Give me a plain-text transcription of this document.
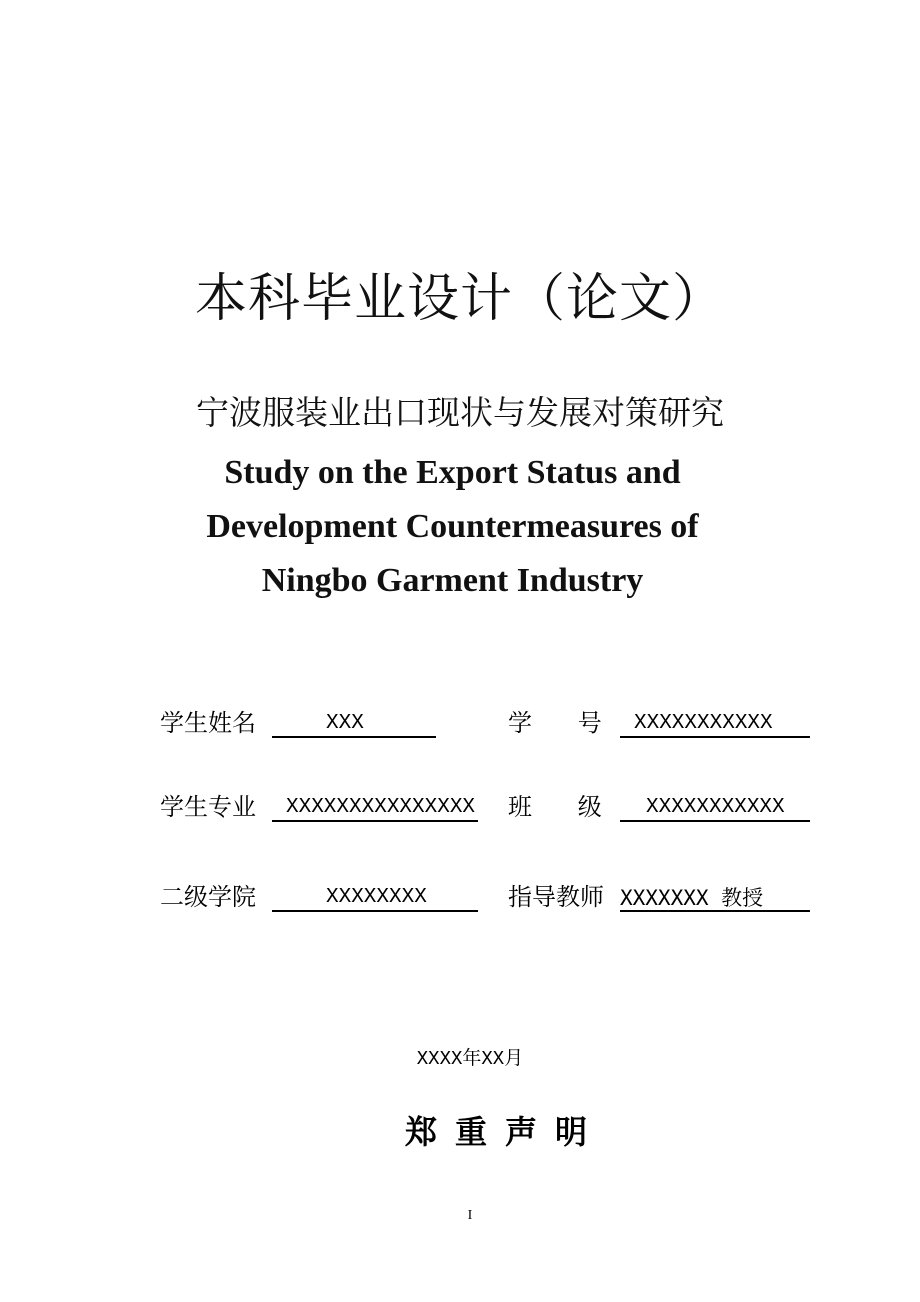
本科毕业设计（论文）
宁波服装业出口现状与发展对策研究
Study on the Export Status and
Development Countermeasures of
Ningbo Garment Industry
学生姓名	XXX	学      号	XXXXXXXXXXX
学生专业	XXXXXXXXXXXXXXX 班      级	XXXXXXXXXXX
二级学院	XXXXXXXX	指导教师 XXXXXXX 教授
XXXX年XX月
郑重声明
I
